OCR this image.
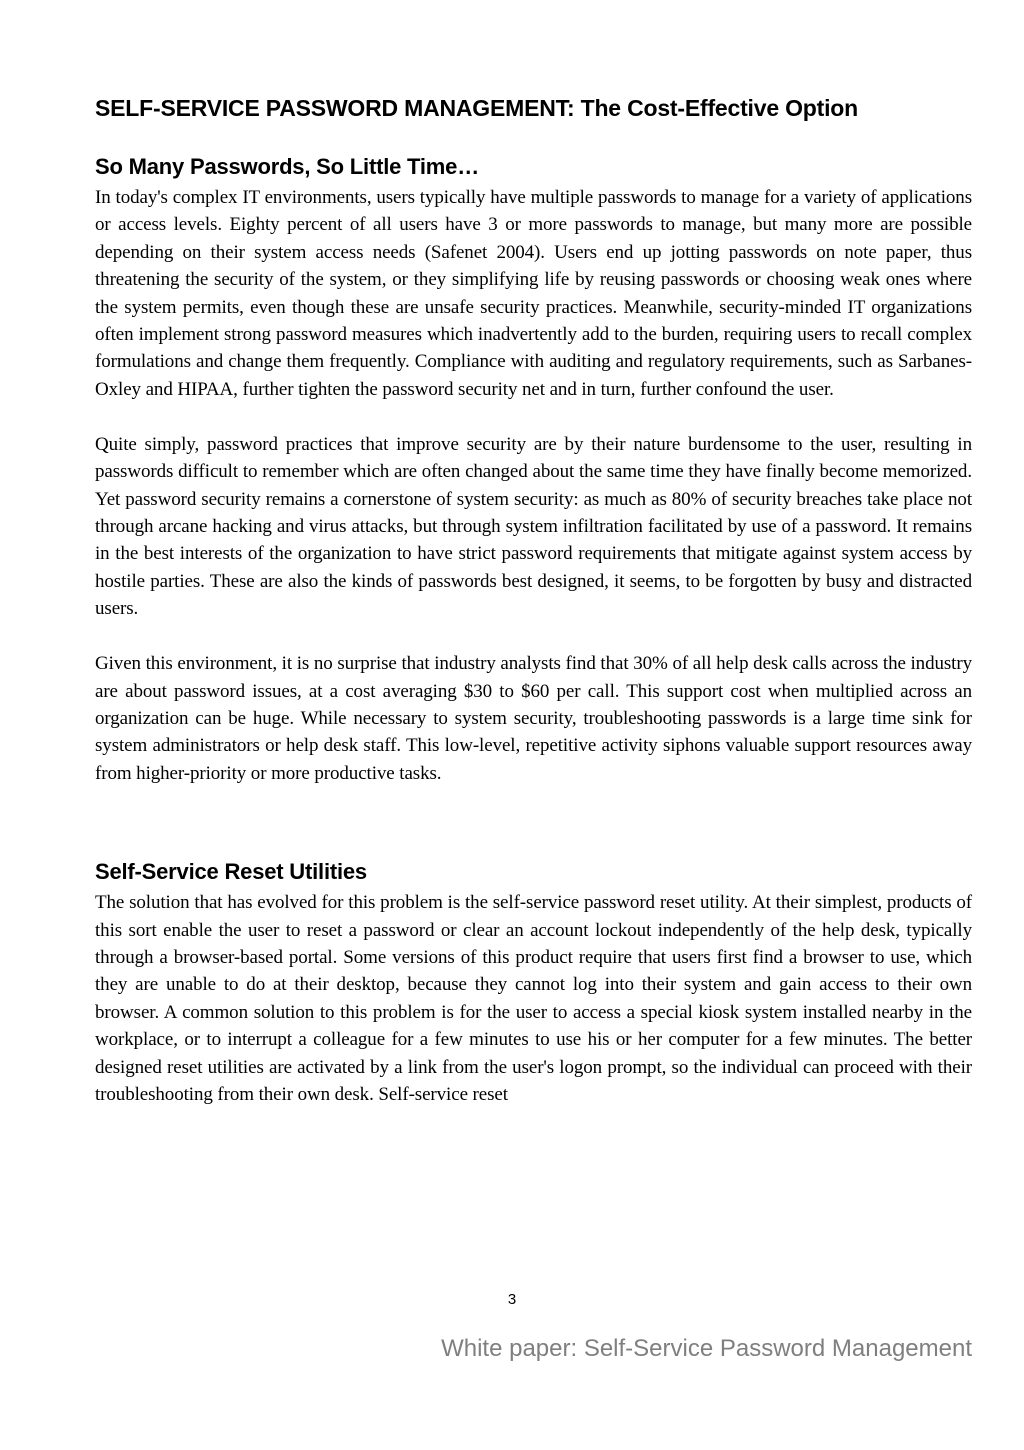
SELF-SERVICE PASSWORD MANAGEMENT: The Cost-Effective Option
So Many Passwords, So Little Time…

In today's complex IT environments, users typically have multiple passwords to manage for a variety of applications or access levels. Eighty percent of all users have 3 or more passwords to manage, but many more are possible depending on their system access needs (Safenet 2004). Users end up jotting passwords on note paper, thus threatening the security of the system, or they simplifying life by reusing passwords or choosing weak ones where the system permits, even though these are unsafe security practices. Meanwhile, security-minded IT organizations often implement strong password measures which inadvertently add to the burden, requiring users to recall complex formulations and change them frequently. Compliance with auditing and regulatory requirements, such as Sarbanes-Oxley and HIPAA, further tighten the password security net and in turn, further confound the user.

Quite simply, password practices that improve security are by their nature burdensome to the user, resulting in passwords difficult to remember which are often changed about the same time they have finally become memorized. Yet password security remains a cornerstone of system security: as much as 80% of security breaches take place not through arcane hacking and virus attacks, but through system infiltration facilitated by use of a password. It remains in the best interests of the organization to have strict password requirements that mitigate against system access by hostile parties. These are also the kinds of passwords best designed, it seems, to be forgotten by busy and distracted users.

Given this environment, it is no surprise that industry analysts find that 30% of all help desk calls across the industry are about password issues, at a cost averaging $30 to $60 per call. This support cost when multiplied across an organization can be huge. While necessary to system security, troubleshooting passwords is a large time sink for system administrators or help desk staff. This low-level, repetitive activity siphons valuable support resources away from higher-priority or more productive tasks.

Self-Service Reset Utilities

The solution that has evolved for this problem is the self-service password reset utility. At their simplest, products of this sort enable the user to reset a password or clear an account lockout independently of the help desk, typically through a browser-based portal. Some versions of this product require that users first find a browser to use, which they are unable to do at their desktop, because they cannot log into their system and gain access to their own browser. A common solution to this problem is for the user to access a special kiosk system installed nearby in the workplace, or to interrupt a colleague for a few minutes to use his or her computer for a few minutes. The better designed reset utilities are activated by a link from the user's logon prompt, so the individual can proceed with their troubleshooting from their own desk. Self-service reset

3
White paper: Self-Service Password Management
